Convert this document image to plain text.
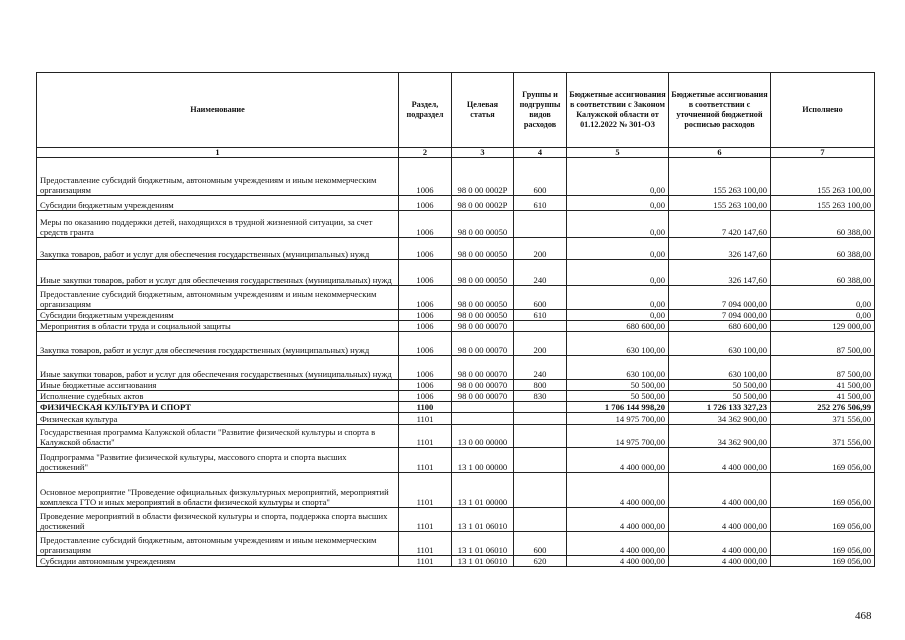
Наименование	Раздел, подраздел	Целевая статья	Группы и подгруппы видов расходов	Бюджетные ассигнования в соответствии с Законом Калужской области от 01.12.2022 № 301-ОЗ	Бюджетные ассигнования в соответствии с уточненной бюджетной росписью расходов	Исполнено
1	2	3	4	5	6	7
Предоставление субсидий бюджетным, автономным учреждениям и иным некоммерческим организациям	1006	98 0 00 0002Р	600	0,00	155 263 100,00	155 263 100,00
Субсидии бюджетным учреждениям	1006	98 0 00 0002Р	610	0,00	155 263 100,00	155 263 100,00
Меры по оказанию поддержки детей, находящихся в трудной жизненной ситуации, за счет средств гранта	1006	98 0 00 00050		0,00	7 420 147,60	60 388,00
Закупка товаров, работ и услуг для обеспечения государственных (муниципальных) нужд	1006	98 0 00 00050	200	0,00	326 147,60	60 388,00
Иные закупки товаров, работ и услуг для обеспечения государственных (муниципальных) нужд	1006	98 0 00 00050	240	0,00	326 147,60	60 388,00
Предоставление субсидий бюджетным, автономным учреждениям и иным некоммерческим организациям	1006	98 0 00 00050	600	0,00	7 094 000,00	0,00
Субсидии бюджетным учреждениям	1006	98 0 00 00050	610	0,00	7 094 000,00	0,00
Мероприятия в области труда и социальной защиты	1006	98 0 00 00070		680 600,00	680 600,00	129 000,00
Закупка товаров, работ и услуг для обеспечения государственных (муниципальных) нужд	1006	98 0 00 00070	200	630 100,00	630 100,00	87 500,00
Иные закупки товаров, работ и услуг для обеспечения государственных (муниципальных) нужд	1006	98 0 00 00070	240	630 100,00	630 100,00	87 500,00
Иные бюджетные ассигнования	1006	98 0 00 00070	800	50 500,00	50 500,00	41 500,00
Исполнение судебных актов	1006	98 0 00 00070	830	50 500,00	50 500,00	41 500,00
ФИЗИЧЕСКАЯ КУЛЬТУРА И СПОРТ	1100			1 706 144 998,20	1 726 133 327,23	252 276 506,99
Физическая культура	1101			14 975 700,00	34 362 900,00	371 556,00
Государственная программа Калужской области "Развитие физической культуры и спорта в Калужской области"	1101	13 0 00 00000		14 975 700,00	34 362 900,00	371 556,00
Подпрограмма "Развитие физической культуры, массового спорта и спорта высших достижений"	1101	13 1 00 00000		4 400 000,00	4 400 000,00	169 056,00
Основное мероприятие "Проведение официальных физкультурных мероприятий, мероприятий комплекса ГТО и иных мероприятий в области физической культуры и спорта"	1101	13 1 01 00000		4 400 000,00	4 400 000,00	169 056,00
Проведение мероприятий в области физической культуры и спорта, поддержка спорта высших достижений	1101	13 1 01 06010		4 400 000,00	4 400 000,00	169 056,00
Предоставление субсидий бюджетным, автономным учреждениям и иным некоммерческим организациям	1101	13 1 01 06010	600	4 400 000,00	4 400 000,00	169 056,00
Субсидии автономным учреждениям	1101	13 1 01 06010	620	4 400 000,00	4 400 000,00	169 056,00
468
